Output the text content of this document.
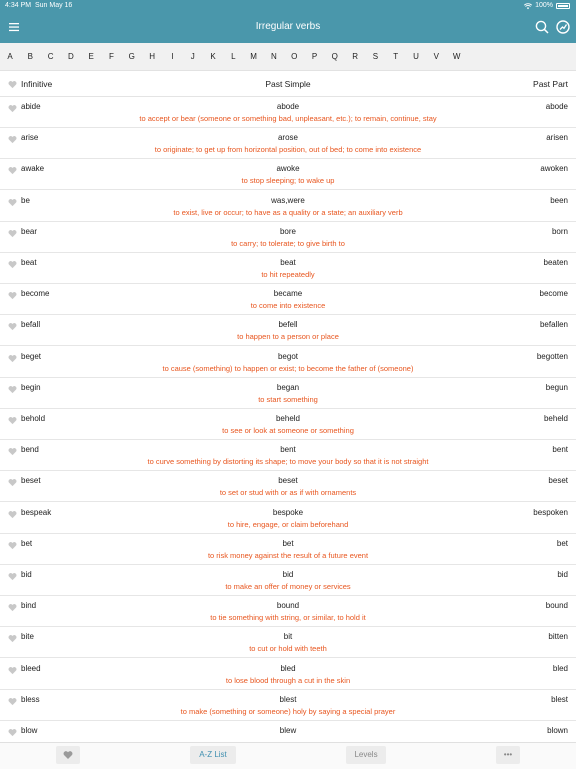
4:34 PM Sun May 16	100%
Irregular verbs
A	B	C	D	E	F	G	H	I	J	K	L	M	N	O	P	Q	R	S	T	U	V	W
Infinitive	Past Simple	Past Part
abide	abode	abode
to accept or bear (someone or something bad, unpleasant, etc.); to remain, continue, stay
arise	arose	arisen
to originate; to get up from horizontal position, out of bed; to come into existence
awake	awoke	awoken
to stop sleeping; to wake up
be	was,were	been
to exist, live or occur; to have as a quality or a state; an auxiliary verb
bear	bore	born
to carry; to tolerate; to give birth to
beat	beat	beaten
to hit repeatedly
become	became	become
to come into existence
befall	befell	befallen
to happen to a person or place
beget	begot	begotten
to cause (something) to happen or exist; to become the father of (someone)
begin	began	begun
to start something
behold	beheld	beheld
to see or look at someone or something
bend	bent	bent
to curve something by distorting its shape; to move your body so that it is not straight
beset	beset	beset
to set or stud with or as if with ornaments
bespeak	bespoke	bespoken
to hire, engage, or claim beforehand
bet	bet	bet
to risk money against the result of a future event
bid	bid	bid
to make an offer of money or services
bind	bound	bound
to tie something with string, or similar, to hold it
bite	bit	bitten
to cut or hold with teeth
bleed	bled	bled
to lose blood through a cut in the skin
bless	blest	blest
to make (something or someone) holy by saying a special prayer
blow	blew	blown
A-Z List	Levels	•••
